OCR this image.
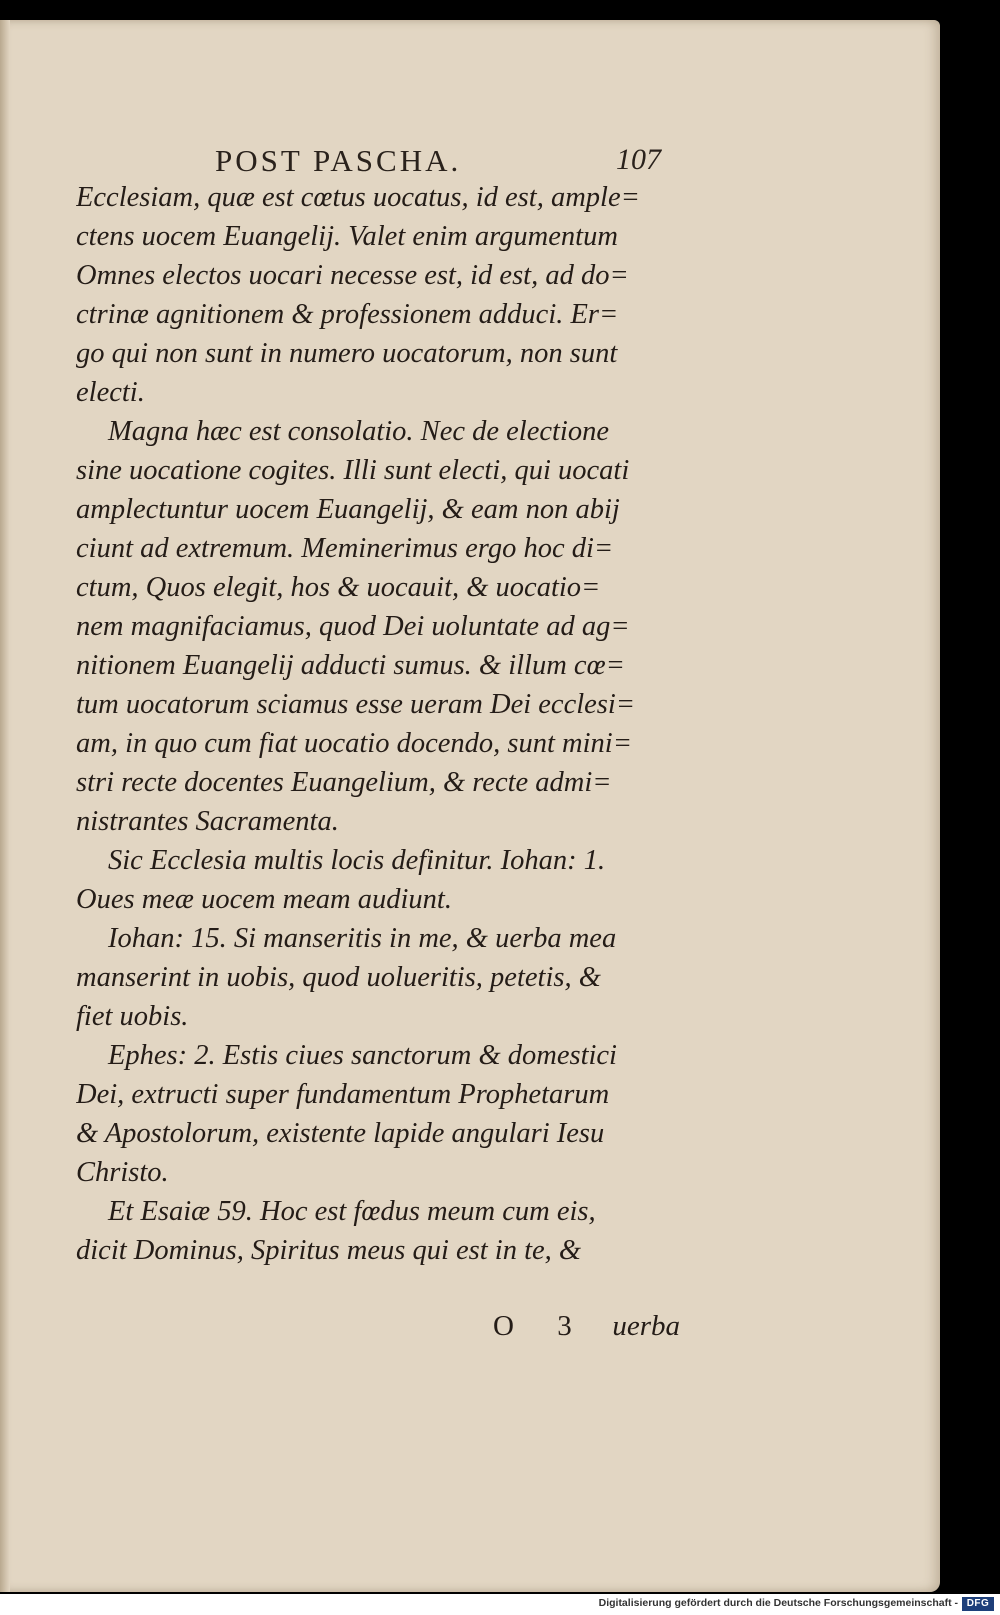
POST PASCHA.	107
Ecclesiam, quæ est cœtus uocatus, id est, ample=
ctens uocem Euangelij. Valet enim argumentum
Omnes electos uocari necesse est, id est, ad do=
ctrinæ agnitionem & professionem adduci. Er=
go qui non sunt in numero uocatorum, non sunt
electi.
Magna hæc est consolatio. Nec de electione
sine uocatione cogites. Illi sunt electi, qui uocati
amplectuntur uocem Euangelij, & eam non abij
ciunt ad extremum. Meminerimus ergo hoc di=
ctum, Quos elegit, hos & uocauit, & uocatio=
nem magnifaciamus, quod Dei uoluntate ad ag=
nitionem Euangelij adducti sumus. & illum cœ=
tum uocatorum sciamus esse ueram Dei ecclesi=
am, in quo cum fiat uocatio docendo, sunt mini=
stri recte docentes Euangelium, & recte admi=
nistrantes Sacramenta.
Sic Ecclesia multis locis definitur. Iohan: 1.
Oues meæ uocem meam audiunt.
Iohan: 15. Si manseritis in me, & uerba mea
manserint in uobis, quod uolueritis, petetis, &
fiet uobis.
Ephes: 2. Estis ciues sanctorum & domestici
Dei, extructi super fundamentum Prophetarum
& Apostolorum, existente lapide angulari Iesu
Christo.
Et Esaiæ 59. Hoc est fœdus meum cum eis,
dicit Dominus, Spiritus meus qui est in te, &
O 3 uerba
Digitalisierung gefördert durch die Deutsche Forschungsgemeinschaft - DFG
